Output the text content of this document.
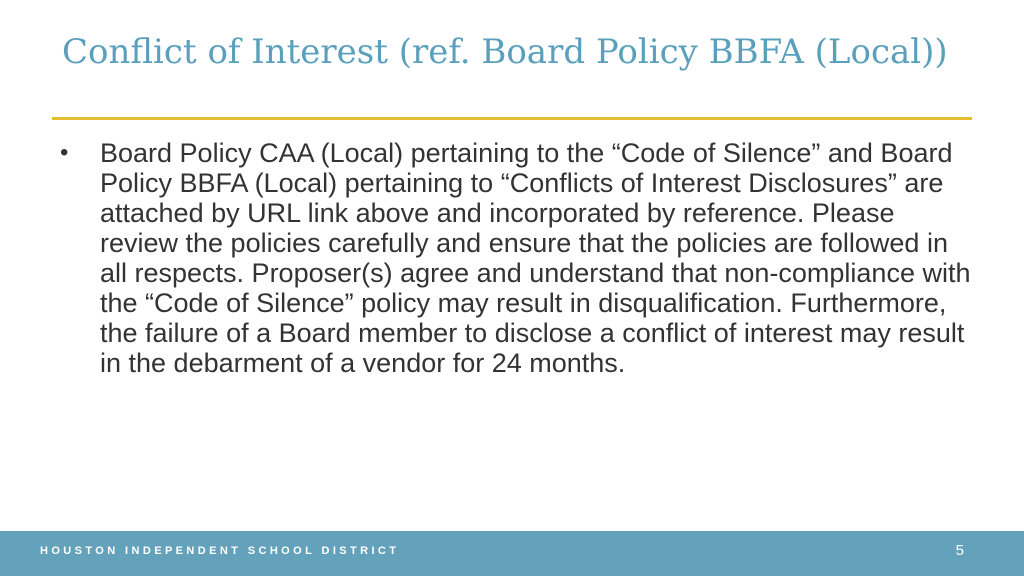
Conflict of Interest (ref. Board Policy BBFA (Local))
• Board Policy CAA (Local) pertaining to the “Code of Silence” and Board Policy BBFA (Local) pertaining to “Conflicts of Interest Disclosures” are attached by URL link above and incorporated by reference. Please review the policies carefully and ensure that the policies are followed in all respects. Proposer(s) agree and understand that non-compliance with the “Code of Silence” policy may result in disqualification. Furthermore, the failure of a Board member to disclose a conflict of interest may result in the debarment of a vendor for 24 months.
HOUSTON INDEPENDENT SCHOOL DISTRICT	5
